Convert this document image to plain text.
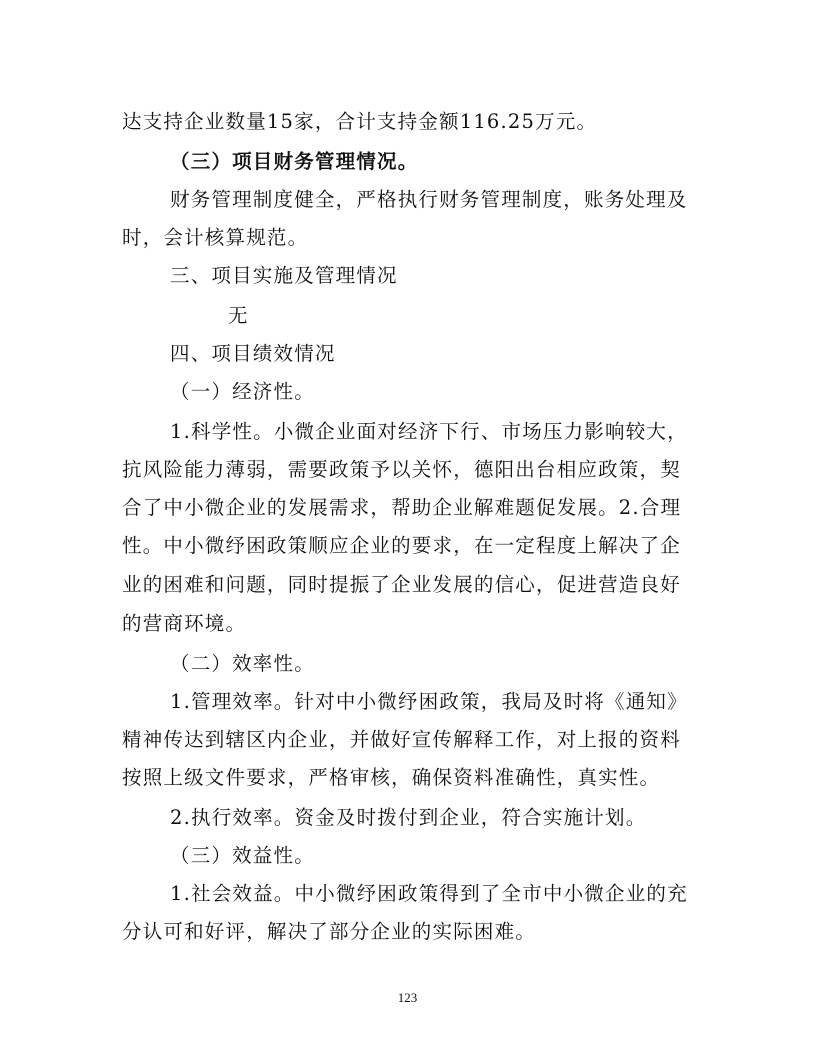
达支持企业数量15家，合计支持金额116.25万元。
（三）项目财务管理情况。
财务管理制度健全，严格执行财务管理制度，账务处理及
时，会计核算规范。
三、项目实施及管理情况
无
四、项目绩效情况
（一）经济性。
1.科学性。小微企业面对经济下行、市场压力影响较大，
抗风险能力薄弱，需要政策予以关怀，德阳出台相应政策，契
合了中小微企业的发展需求，帮助企业解难题促发展。2.合理
性。中小微纾困政策顺应企业的要求，在一定程度上解决了企
业的困难和问题，同时提振了企业发展的信心，促进营造良好
的营商环境。
（二）效率性。
1.管理效率。针对中小微纾困政策，我局及时将《通知》
精神传达到辖区内企业，并做好宣传解释工作，对上报的资料
按照上级文件要求，严格审核，确保资料准确性，真实性。
2.执行效率。资金及时拨付到企业，符合实施计划。
（三）效益性。
1.社会效益。中小微纾困政策得到了全市中小微企业的充
分认可和好评，解决了部分企业的实际困难。
123
